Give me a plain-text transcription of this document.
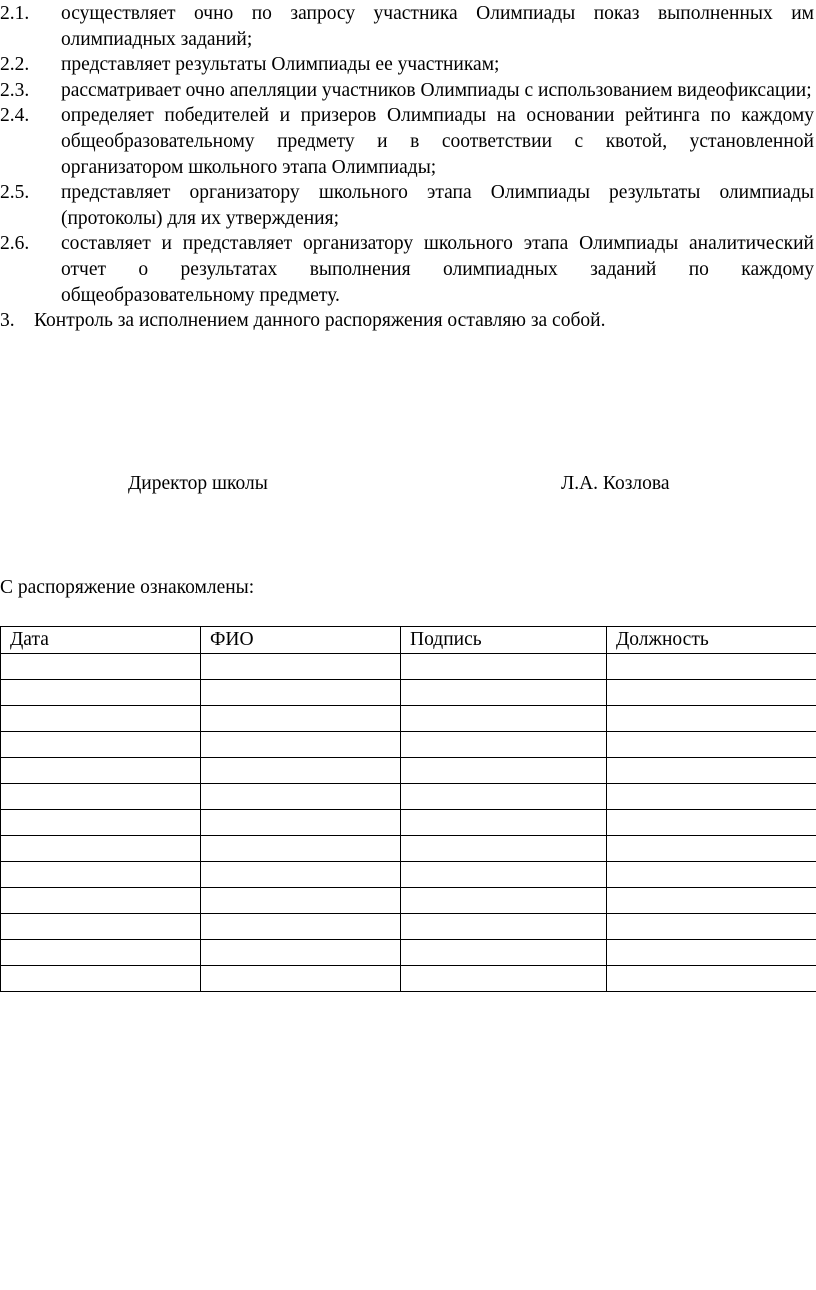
2.1.	осуществляет очно по запросу участника Олимпиады показ выполненных им олимпиадных заданий;
2.2.	представляет результаты Олимпиады ее участникам;
2.3.	рассматривает очно апелляции участников Олимпиады с использованием видеофиксации;
2.4.	определяет победителей и призеров Олимпиады на основании рейтинга по каждому общеобразовательному предмету и в соответствии с квотой, установленной организатором школьного этапа Олимпиады;
2.5.	представляет организатору школьного этапа Олимпиады результаты олимпиады (протоколы) для их утверждения;
2.6.	составляет и представляет организатору школьного этапа Олимпиады аналитический отчет о результатах выполнения олимпиадных заданий по каждому общеобразовательному предмету.
3. Контроль за исполнением данного распоряжения оставляю за собой.
Директор школы	Л.А. Козлова
С распоряжение ознакомлены:
Дата	ФИО	Подпись	Должность
